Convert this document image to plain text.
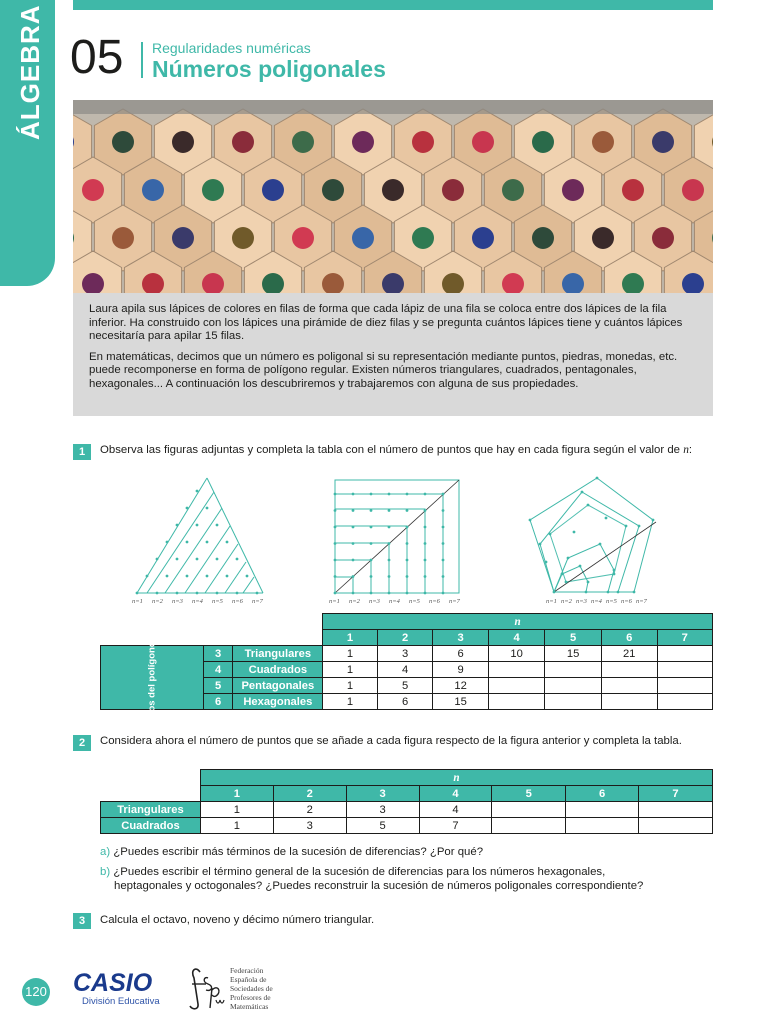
ÁLGEBRA 05 Regularidades numéricas
Números poligonales

Laura apila sus lápices de colores en filas de forma que cada lápiz de una fila se coloca entre dos lápices de la fila inferior. Ha construido con los lápices una pirámide de diez filas y se pregunta cuántos lápices tiene y cuántos lápices necesitaría para apilar 15 filas.

En matemáticas, decimos que un número es poligonal si su representación mediante puntos, piedras, monedas, etc. puede recomponerse en forma de polígono regular. Existen números triangulares, cuadrados, pentagonales, hexagonales... A continuación los descubriremos y trabajaremos con alguna de sus propiedades.

1	Observa las figuras adjuntas y completa la tabla con el número de puntos que hay en cada figura según el valor de n:
n=1 n=2 n=3 n=4 n=5 n=6 n=7	n=1 n=2 n=3 n=4 n=5 n=6 n=7	n=1 n=2 n=3 n=4 n=5 n=6 n=7
			n						
			1	2	3	4	5	6	7
Lados del polígono (p)	3	Triangulares	1	3	6	10	15	21	
	4	Cuadrados	1	4	9				
	5	Pentagonales	1	5	12				
	6	Hexagonales	1	6	15				
2	Considera ahora el número de puntos que se añade a cada figura respecto de la figura anterior y completa la tabla.
	n						
	1	2	3	4	5	6	7
Triangulares	1	2	3	4			
Cuadrados	1	3	5	7			
a) ¿Puedes escribir más términos de la sucesión de diferencias? ¿Por qué?
b) ¿Puedes escribir el término general de la sucesión de diferencias para los números hexagonales,
heptagonales y octogonales? ¿Puedes reconstruir la sucesión de números poligonales correspondiente?
3	Calcula el octavo, noveno y décimo número triangular.
120 CASIO
División Educativa
Federación
Española de
Sociedades de
Profesores de
Matemáticas
